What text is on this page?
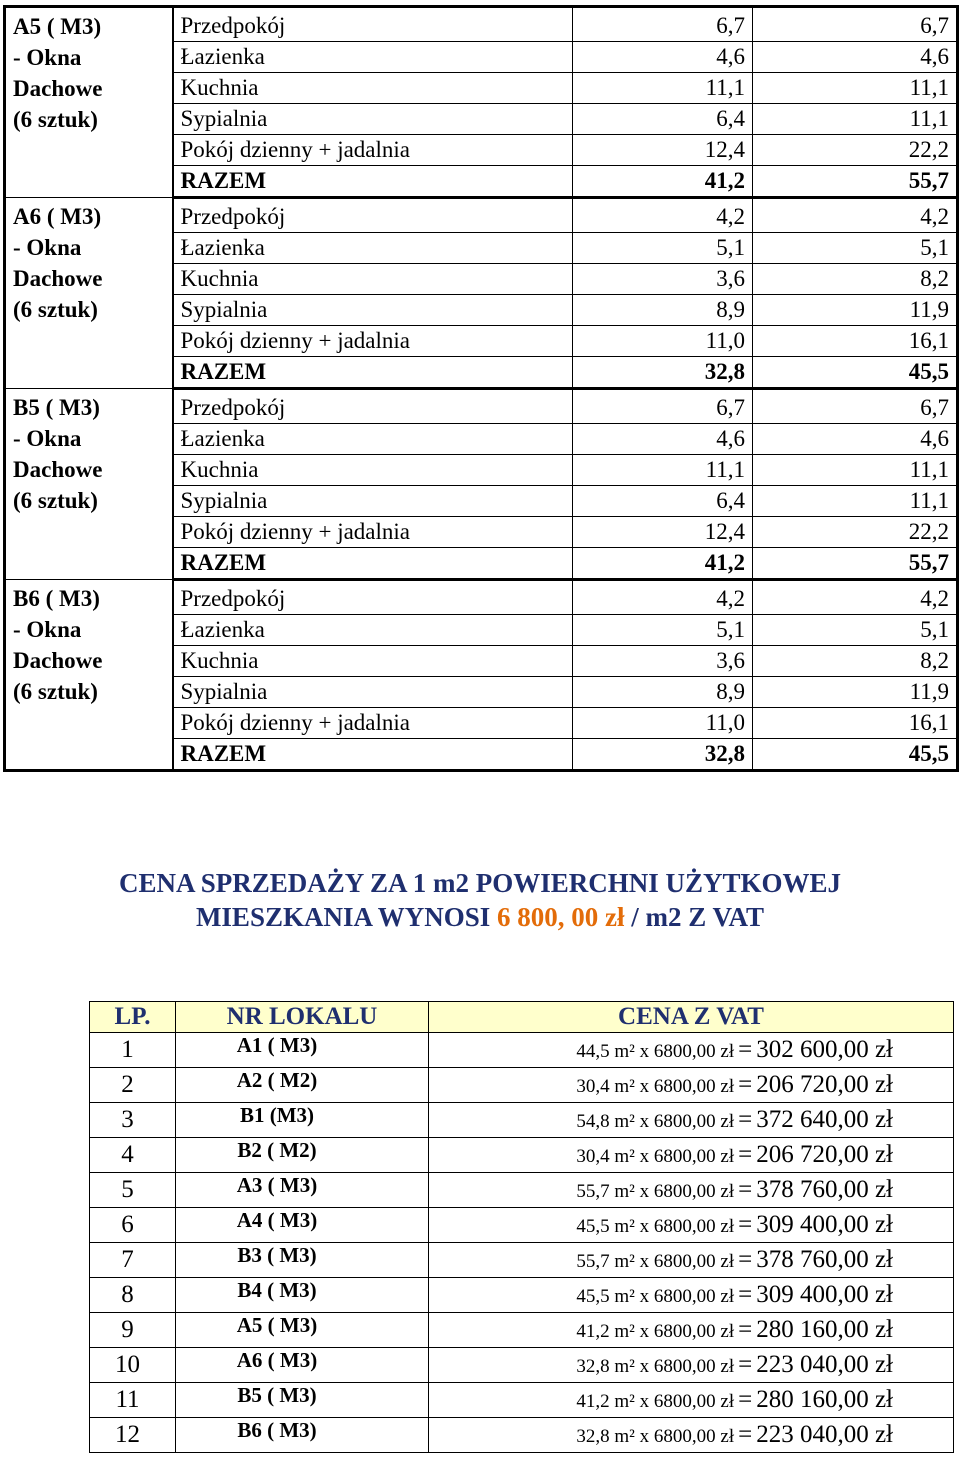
A5 ( M3)
- Okna
Dachowe
(6 sztuk)	Przedpokój	6,7	6,7
	Łazienka	4,6	4,6
	Kuchnia	11,1	11,1
	Sypialnia	6,4	11,1
	Pokój dzienny + jadalnia	12,4	22,2
	RAZEM	41,2	55,7

A6 ( M3)
- Okna
Dachowe
(6 sztuk)	Przedpokój	4,2	4,2
	Łazienka	5,1	5,1
	Kuchnia	3,6	8,2
	Sypialnia	8,9	11,9
	Pokój dzienny + jadalnia	11,0	16,1
	RAZEM	32,8	45,5

B5 ( M3)
- Okna
Dachowe
(6 sztuk)	Przedpokój	6,7	6,7
	Łazienka	4,6	4,6
	Kuchnia	11,1	11,1
	Sypialnia	6,4	11,1
	Pokój dzienny + jadalnia	12,4	22,2
	RAZEM	41,2	55,7

B6 ( M3)
- Okna
Dachowe
(6 sztuk)	Przedpokój	4,2	4,2
	Łazienka	5,1	5,1
	Kuchnia	3,6	8,2
	Sypialnia	8,9	11,9
	Pokój dzienny + jadalnia	11,0	16,1
	RAZEM	32,8	45,5
CENA SPRZEDAŻY ZA 1 m2 POWIERCHNI UŻYTKOWEJ
MIESZKANIA WYNOSI 6 800, 00 zł / m2 Z VAT
LP.	NR LOKALU	CENA Z VAT
1	A1 ( M3)	44,5 m² x 6800,00 zł = 302 600,00 zł
2	A2 ( M2)	30,4 m² x 6800,00 zł = 206 720,00 zł
3	B1 (M3)	54,8 m² x 6800,00 zł = 372 640,00 zł
4	B2 ( M2)	30,4 m² x 6800,00 zł = 206 720,00 zł
5	A3 ( M3)	55,7 m² x 6800,00 zł = 378 760,00 zł
6	A4 ( M3)	45,5 m² x 6800,00 zł = 309 400,00 zł
7	B3 ( M3)	55,7 m² x 6800,00 zł = 378 760,00 zł
8	B4 ( M3)	45,5 m² x 6800,00 zł = 309 400,00 zł
9	A5 ( M3)	41,2 m² x 6800,00 zł = 280 160,00 zł
10	A6 ( M3)	32,8 m² x 6800,00 zł = 223 040,00 zł
11	B5 ( M3)	41,2 m² x 6800,00 zł = 280 160,00 zł
12	B6 ( M3)	32,8 m² x 6800,00 zł = 223 040,00 zł
